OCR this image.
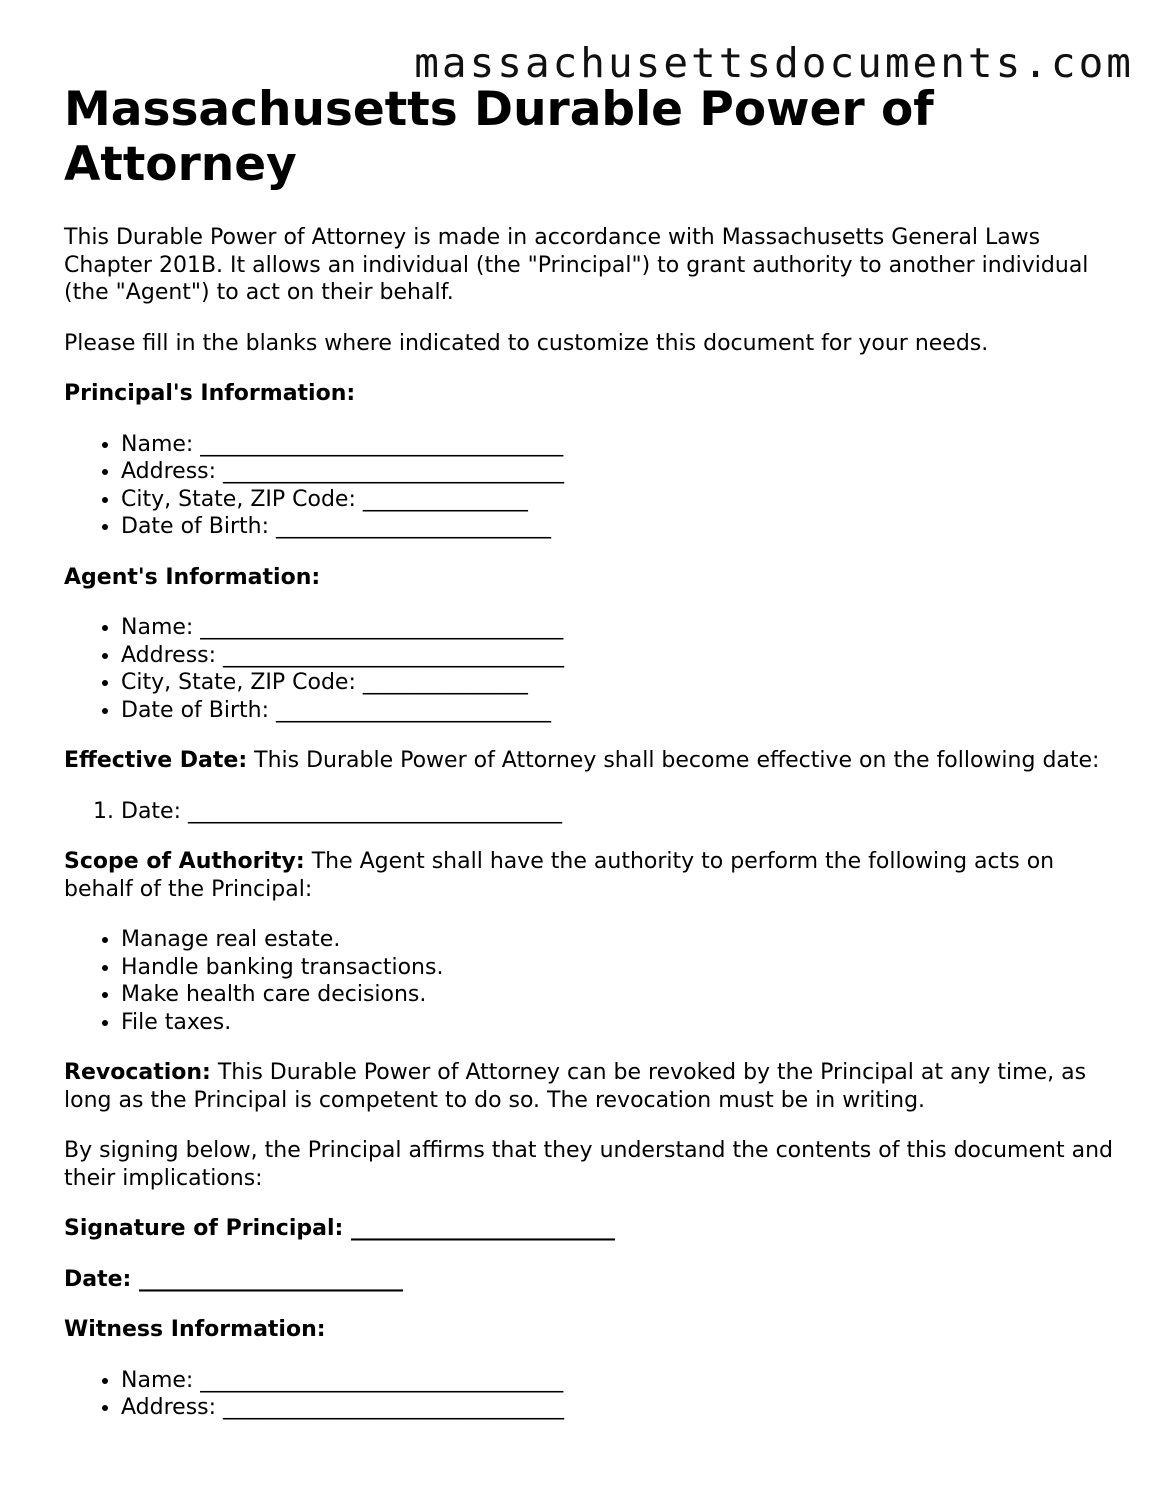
massachusettsdocuments.com
Massachusetts Durable Power of Attorney

This Durable Power of Attorney is made in accordance with Massachusetts General Laws Chapter 201B. It allows an individual (the "Principal") to grant authority to another individual (the "Agent") to act on their behalf.

Please fill in the blanks where indicated to customize this document for your needs.

Principal's Information:

• Name: _________________________________
• Address: _______________________________
• City, State, ZIP Code: _______________
• Date of Birth: _________________________

Agent's Information:

• Name: _________________________________
• Address: _______________________________
• City, State, ZIP Code: _______________
• Date of Birth: _________________________

Effective Date: This Durable Power of Attorney shall become effective on the following date:

1. Date: __________________________________

Scope of Authority: The Agent shall have the authority to perform the following acts on behalf of the Principal:

• Manage real estate.
• Handle banking transactions.
• Make health care decisions.
• File taxes.

Revocation: This Durable Power of Attorney can be revoked by the Principal at any time, as long as the Principal is competent to do so. The revocation must be in writing.

By signing below, the Principal affirms that they understand the contents of this document and their implications:

Signature of Principal: ________________________

Date: ________________________

Witness Information:

• Name: _________________________________
• Address: _______________________________
